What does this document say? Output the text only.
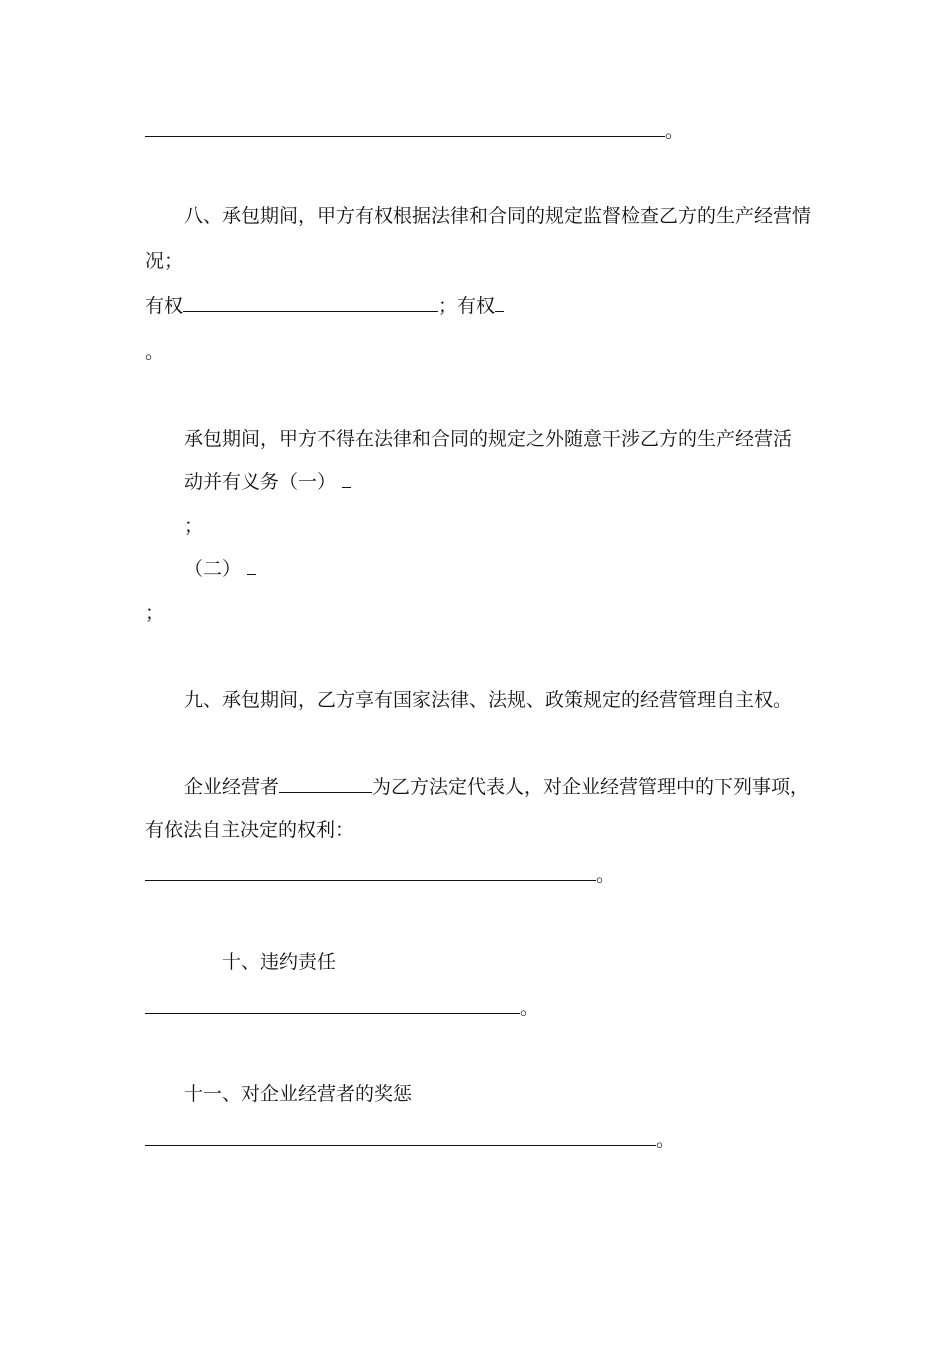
。
八、承包期间，甲方有权根据法律和合同的规定监督检查乙方的生产经营情
况；
有权	；有权
。
承包期间，甲方不得在法律和合同的规定之外随意干涉乙方的生产经营活
动并有义务（一）
；
（二）
；
九、承包期间，乙方享有国家法律、法规、政策规定的经营管理自主权。
企业经营者	为乙方法定代表人，对企业经营管理中的下列事项，
有依法自主决定的权利：
。
十、违约责任
。
十一、对企业经营者的奖惩
。
